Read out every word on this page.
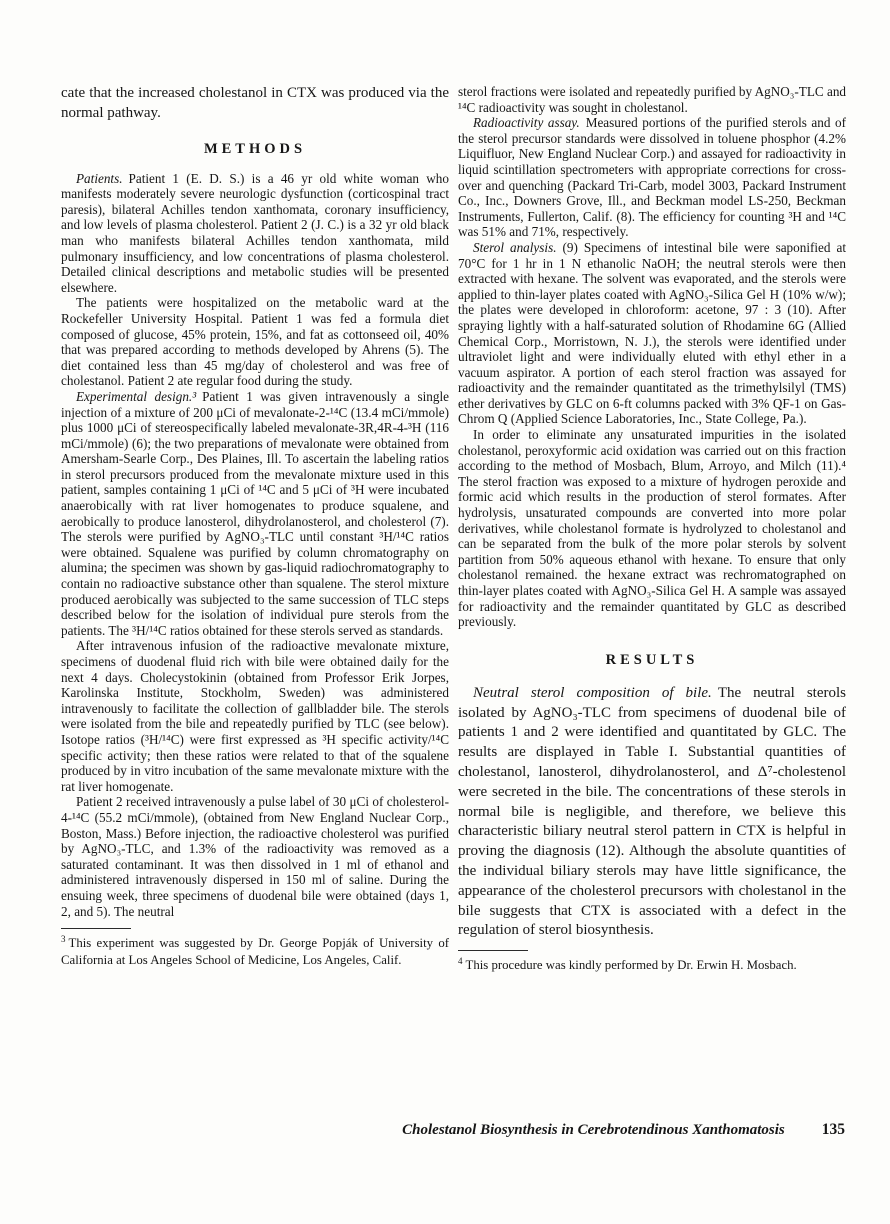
cate that the increased cholestanol in CTX was produced via the normal pathway.

METHODS

Patients. Patient 1 (E. D. S.) is a 46 yr old white woman who manifests moderately severe neurologic dysfunction (corticospinal tract paresis), bilateral Achilles tendon xanthomata, coronary insufficiency, and low levels of plasma cholesterol. Patient 2 (J. C.) is a 32 yr old black man who manifests bilateral Achilles tendon xanthomata, mild pulmonary insufficiency, and low concentrations of plasma cholesterol. Detailed clinical descriptions and metabolic studies will be presented elsewhere.

The patients were hospitalized on the metabolic ward at the Rockefeller University Hospital. Patient 1 was fed a formula diet composed of glucose, 45% protein, 15%, and fat as cottonseed oil, 40% that was prepared according to methods developed by Ahrens (5). The diet contained less than 45 mg/day of cholesterol and was free of cholestanol. Patient 2 ate regular food during the study.

Experimental design.³ Patient 1 was given intravenously a single injection of a mixture of 200 μCi of mevalonate-2-¹⁴C (13.4 mCi/mmole) plus 1000 μCi of stereospecifically labeled mevalonate-3R,4R-4-³H (116 mCi/mmole) (6); the two preparations of mevalonate were obtained from Amersham-Searle Corp., Des Plaines, Ill. To ascertain the labeling ratios in sterol precursors produced from the mevalonate mixture used in this patient, samples containing 1 μCi of ¹⁴C and 5 μCi of ³H were incubated anaerobically with rat liver homogenates to produce squalene, and aerobically to produce lanosterol, dihydrolanosterol, and cholesterol (7). The sterols were purified by AgNO₃-TLC until constant ³H/¹⁴C ratios were obtained. Squalene was purified by column chromatography on alumina; the specimen was shown by gas-liquid radiochromatography to contain no radioactive substance other than squalene. The sterol mixture produced aerobically was subjected to the same succession of TLC steps described below for the isolation of individual pure sterols from the patients. The ³H/¹⁴C ratios obtained for these sterols served as standards.

After intravenous infusion of the radioactive mevalonate mixture, specimens of duodenal fluid rich with bile were obtained daily for the next 4 days. Cholecystokinin (obtained from Professor Erik Jorpes, Karolinska Institute, Stockholm, Sweden) was administered intravenously to facilitate the collection of gallbladder bile. The sterols were isolated from the bile and repeatedly purified by TLC (see below). Isotope ratios (³H/¹⁴C) were first expressed as ³H specific activity/¹⁴C specific activity; then these ratios were related to that of the squalene produced by in vitro incubation of the same mevalonate mixture with the rat liver homogenate.

Patient 2 received intravenously a pulse label of 30 μCi of cholesterol-4-¹⁴C (55.2 mCi/mmole), (obtained from New England Nuclear Corp., Boston, Mass.) Before injection, the radioactive cholesterol was purified by AgNO₃-TLC, and 1.3% of the radioactivity was removed as a saturated contaminant. It was then dissolved in 1 ml of ethanol and administered intravenously dispersed in 150 ml of saline. During the ensuing week, three specimens of duodenal bile were obtained (days 1, 2, and 5). The neutral

$^3$ This experiment was suggested by Dr. George Popják of University of California at Los Angeles School of Medicine, Los Angeles, Calif.

sterol fractions were isolated and repeatedly purified by AgNO₃-TLC and ¹⁴C radioactivity was sought in cholestanol.

Radioactivity assay. Measured portions of the purified sterols and of the sterol precursor standards were dissolved in toluene phosphor (4.2% Liquifluor, New England Nuclear Corp.) and assayed for radioactivity in liquid scintillation spectrometers with appropriate corrections for cross-over and quenching (Packard Tri-Carb, model 3003, Packard Instrument Co., Inc., Downers Grove, Ill., and Beckman model LS-250, Beckman Instruments, Fullerton, Calif. (8). The efficiency for counting ³H and ¹⁴C was 51% and 71%, respectively.

Sterol analysis. (9) Specimens of intestinal bile were saponified at 70°C for 1 hr in 1 N ethanolic NaOH; the neutral sterols were then extracted with hexane. The solvent was evaporated, and the sterols were applied to thin-layer plates coated with AgNO₃-Silica Gel H (10% w/w); the plates were developed in chloroform: acetone, 97 : 3 (10). After spraying lightly with a half-saturated solution of Rhodamine 6G (Allied Chemical Corp., Morristown, N. J.), the sterols were identified under ultraviolet light and were individually eluted with ethyl ether in a vacuum aspirator. A portion of each sterol fraction was assayed for radioactivity and the remainder quantitated as the trimethylsilyl (TMS) ether derivatives by GLC on 6-ft columns packed with 3% QF-1 on Gas-Chrom Q (Applied Science Laboratories, Inc., State College, Pa.).

In order to eliminate any unsaturated impurities in the isolated cholestanol, peroxyformic acid oxidation was carried out on this fraction according to the method of Mosbach, Blum, Arroyo, and Milch (11).⁴ The sterol fraction was exposed to a mixture of hydrogen peroxide and formic acid which results in the production of sterol formates. After hydrolysis, unsaturated compounds are converted into more polar derivatives, while cholestanol formate is hydrolyzed to cholestanol and can be separated from the bulk of the more polar sterols by solvent partition from 50% aqueous ethanol with hexane. To ensure that only cholestanol remained. the hexane extract was rechromatographed on thin-layer plates coated with AgNO₃-Silica Gel H. A sample was assayed for radioactivity and the remainder quantitated by GLC as described previously.

RESULTS

Neutral sterol composition of bile. The neutral sterols isolated by AgNO₃-TLC from specimens of duodenal bile of patients 1 and 2 were identified and quantitated by GLC. The results are displayed in Table I. Substantial quantities of cholestanol, lanosterol, dihydrolanosterol, and Δ⁷-cholestenol were secreted in the bile. The concentrations of these sterols in normal bile is negligible, and therefore, we believe this characteristic biliary neutral sterol pattern in CTX is helpful in proving the diagnosis (12). Although the absolute quantities of the individual biliary sterols may have little significance, the appearance of the cholesterol precursors with cholestanol in the bile suggests that CTX is associated with a defect in the regulation of sterol biosynthesis.

$^4$ This procedure was kindly performed by Dr. Erwin H. Mosbach.

Cholestanol Biosynthesis in Cerebrotendinous Xanthomatosis 135
